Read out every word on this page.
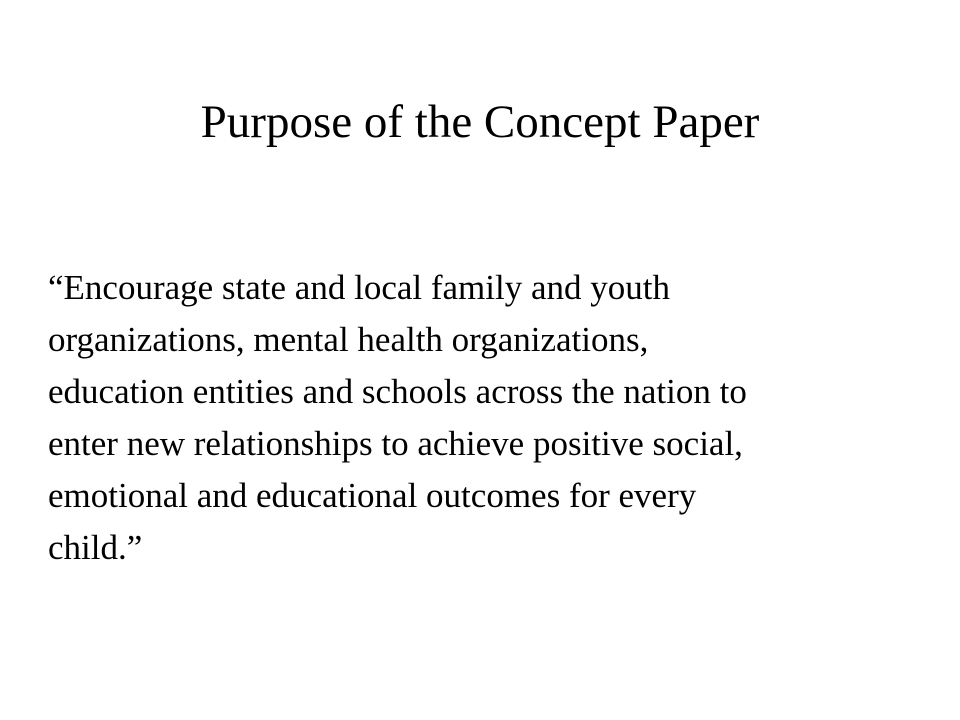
Purpose of the Concept Paper
“Encourage state and local family and youth
organizations, mental health organizations,
education entities and schools across the nation to
enter new relationships to achieve positive social,
emotional and educational outcomes for every
child.”
